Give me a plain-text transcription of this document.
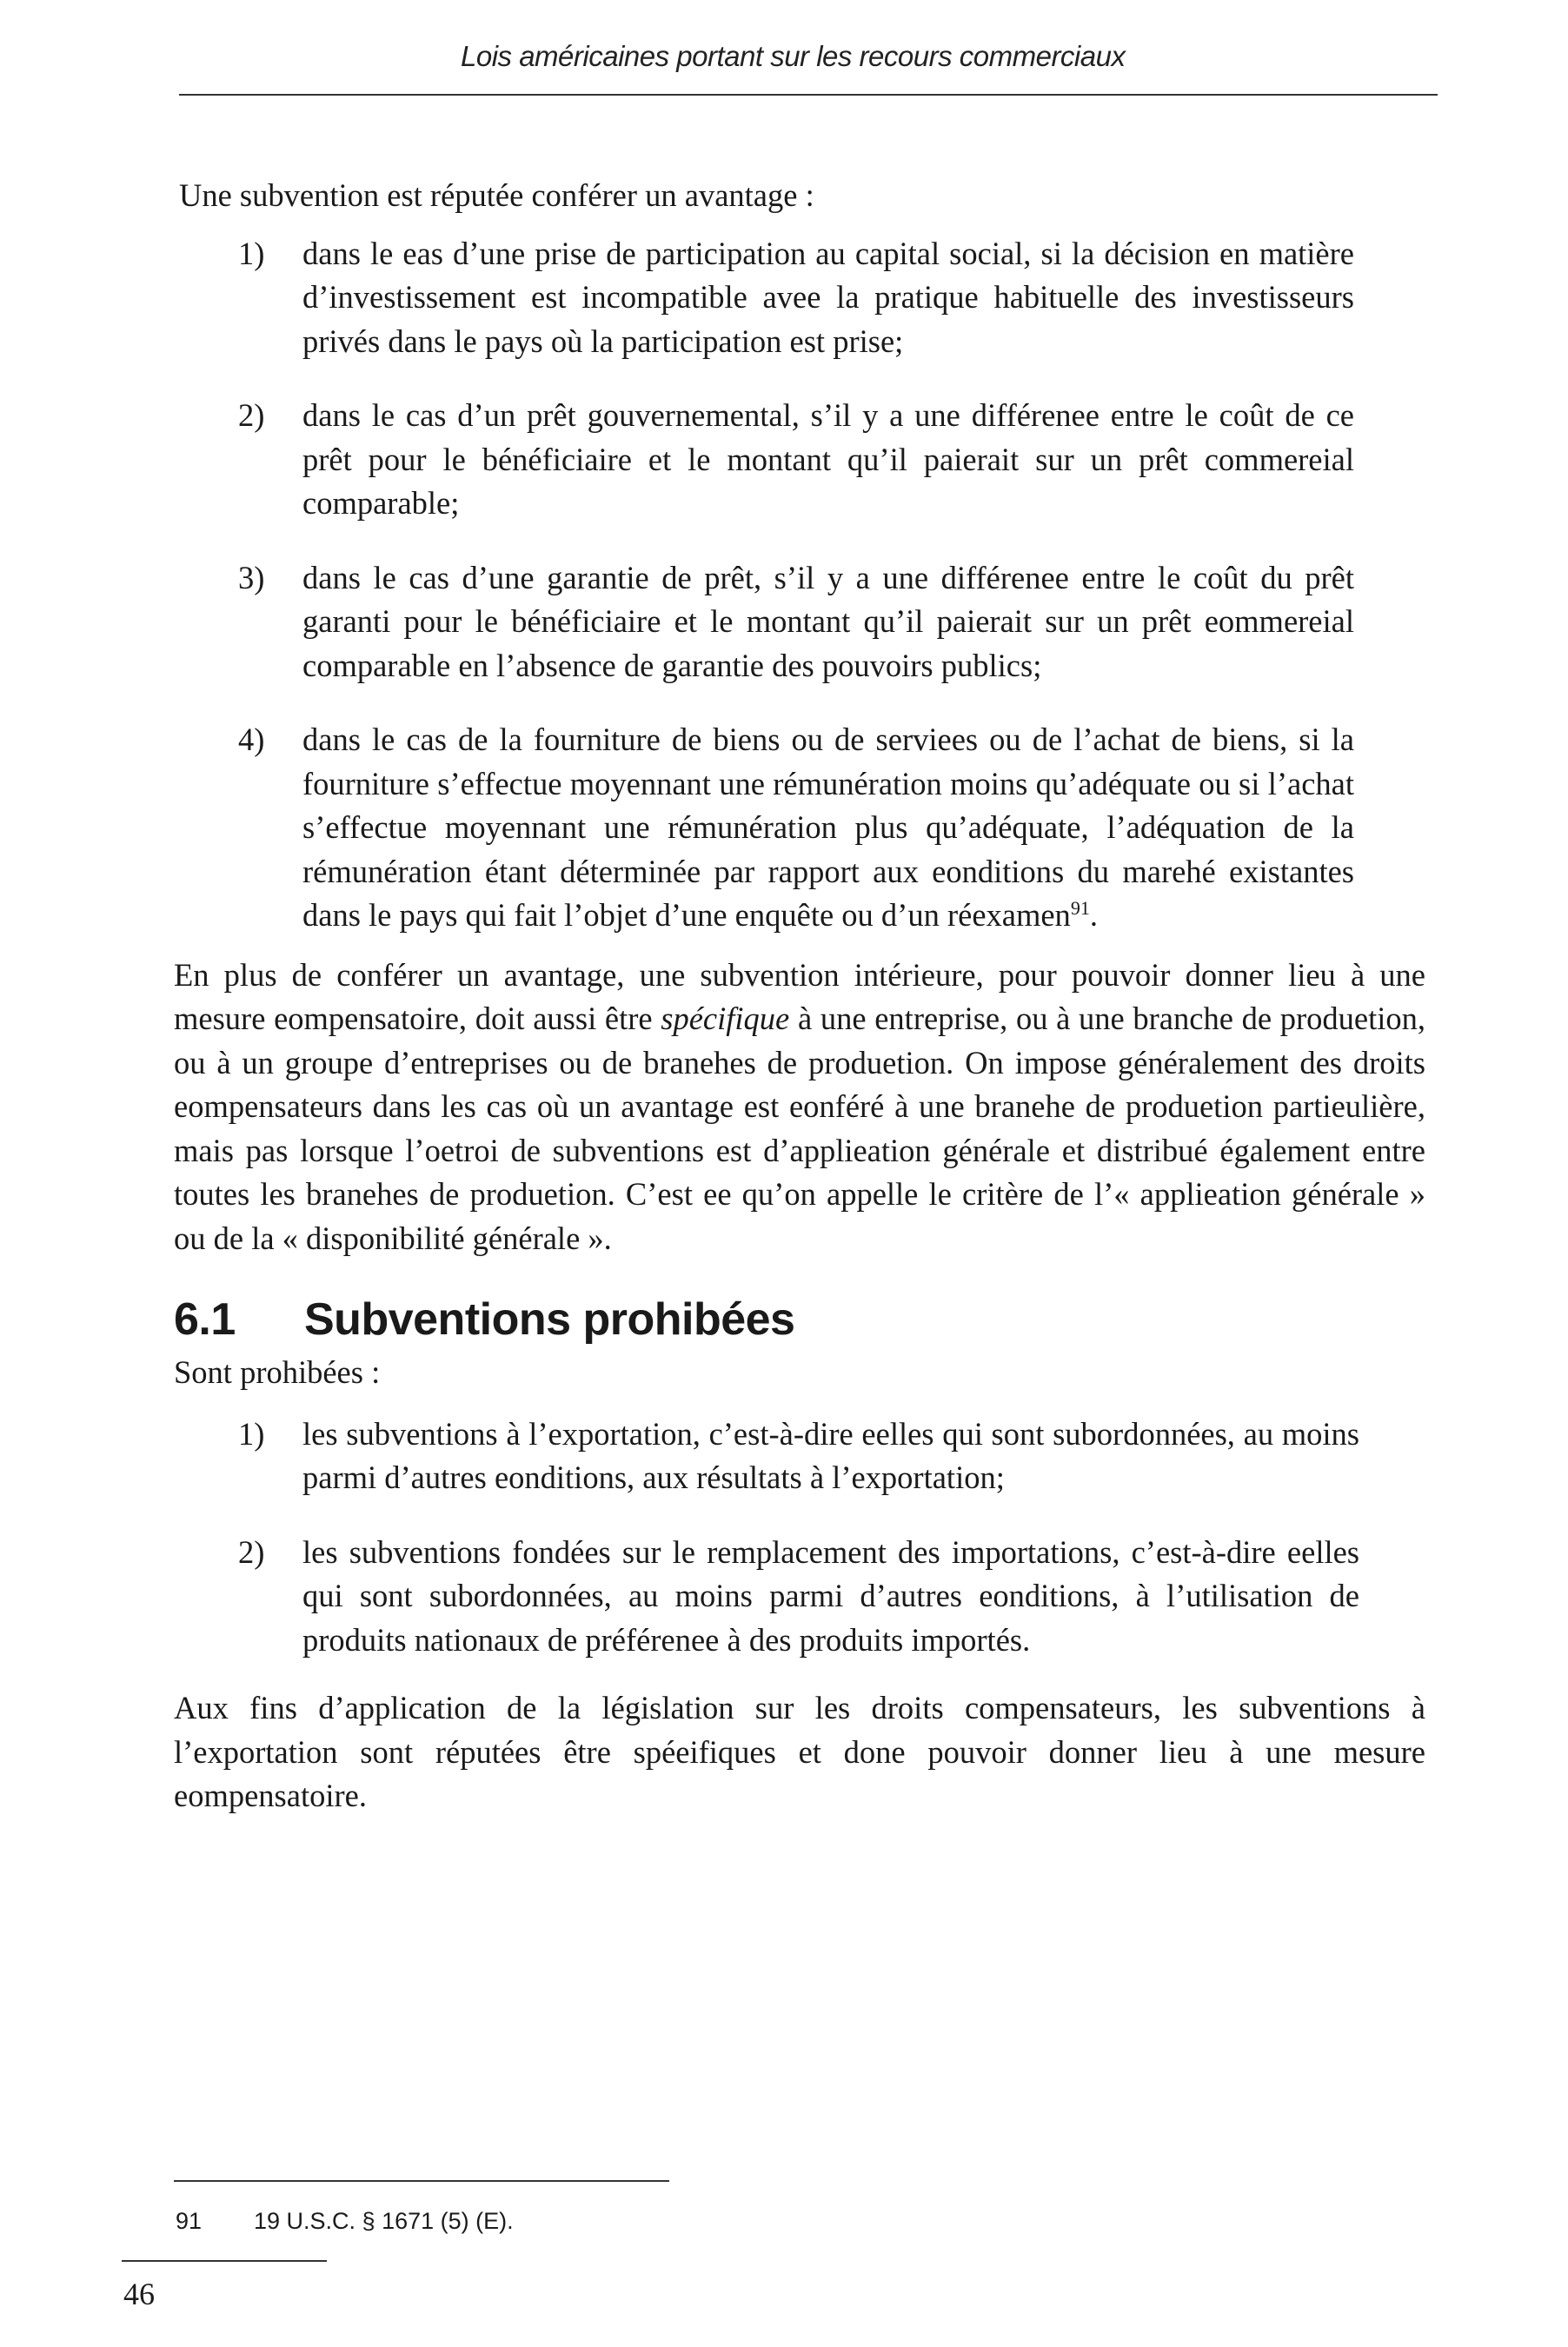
Lois américaines portant sur les recours commerciaux

Une subvention est réputée conférer un avantage :

1)	dans le eas d’une prise de participation au capital social, si la décision en matière d’investissement est incompatible avee la pratique habituelle des investisseurs privés dans le pays où la participation est prise;
2)	dans le cas d’un prêt gouvernemental, s’il y a une différenee entre le coût de ce prêt pour le bénéficiaire et le montant qu’il paierait sur un prêt commereial comparable;
3)	dans le cas d’une garantie de prêt, s’il y a une différenee entre le coût du prêt garanti pour le bénéficiaire et le montant qu’il paierait sur un prêt eommereial comparable en l’absence de garantie des pouvoirs publics;
4)	dans le cas de la fourniture de biens ou de serviees ou de l’achat de biens, si la fourniture s’effectue moyennant une rémunération moins qu’adéquate ou si l’achat s’effectue moyennant une rémunération plus qu’adéquate, l’adéquation de la rémunération étant déterminée par rapport aux eonditions du marehé existantes dans le pays qui fait l’objet d’une enquête ou d’un réexamen$^{91}$.

En plus de conférer un avantage, une subvention intérieure, pour pouvoir donner lieu à une mesure eompensatoire, doit aussi être spécifique à une entreprise, ou à une branche de produetion, ou à un groupe d’entreprises ou de branehes de produetion. On impose généralement des droits eompensateurs dans les cas où un avantage est eonféré à une branehe de produetion partieulière, mais pas lorsque l’oetroi de subventions est d’applieation générale et distribué également entre toutes les branehes de produetion. C’est ee qu’on appelle le critère de l’« applieation générale » ou de la « disponibilité générale ».

6.1	Subventions prohibées

Sont prohibées :

1)	les subventions à l’exportation, c’est-à-dire eelles qui sont subordonnées, au moins parmi d’autres eonditions, aux résultats à l’exportation;
2)	les subventions fondées sur le remplacement des importations, c’est-à-dire eelles qui sont subordonnées, au moins parmi d’autres eonditions, à l’utilisation de produits nationaux de préférenee à des produits importés.

Aux fins d’application de la législation sur les droits compensateurs, les subventions à l’exportation sont réputées être spéeifiques et done pouvoir donner lieu à une mesure eompensatoire.

91	19 U.S.C. § 1671 (5) (E).
46
